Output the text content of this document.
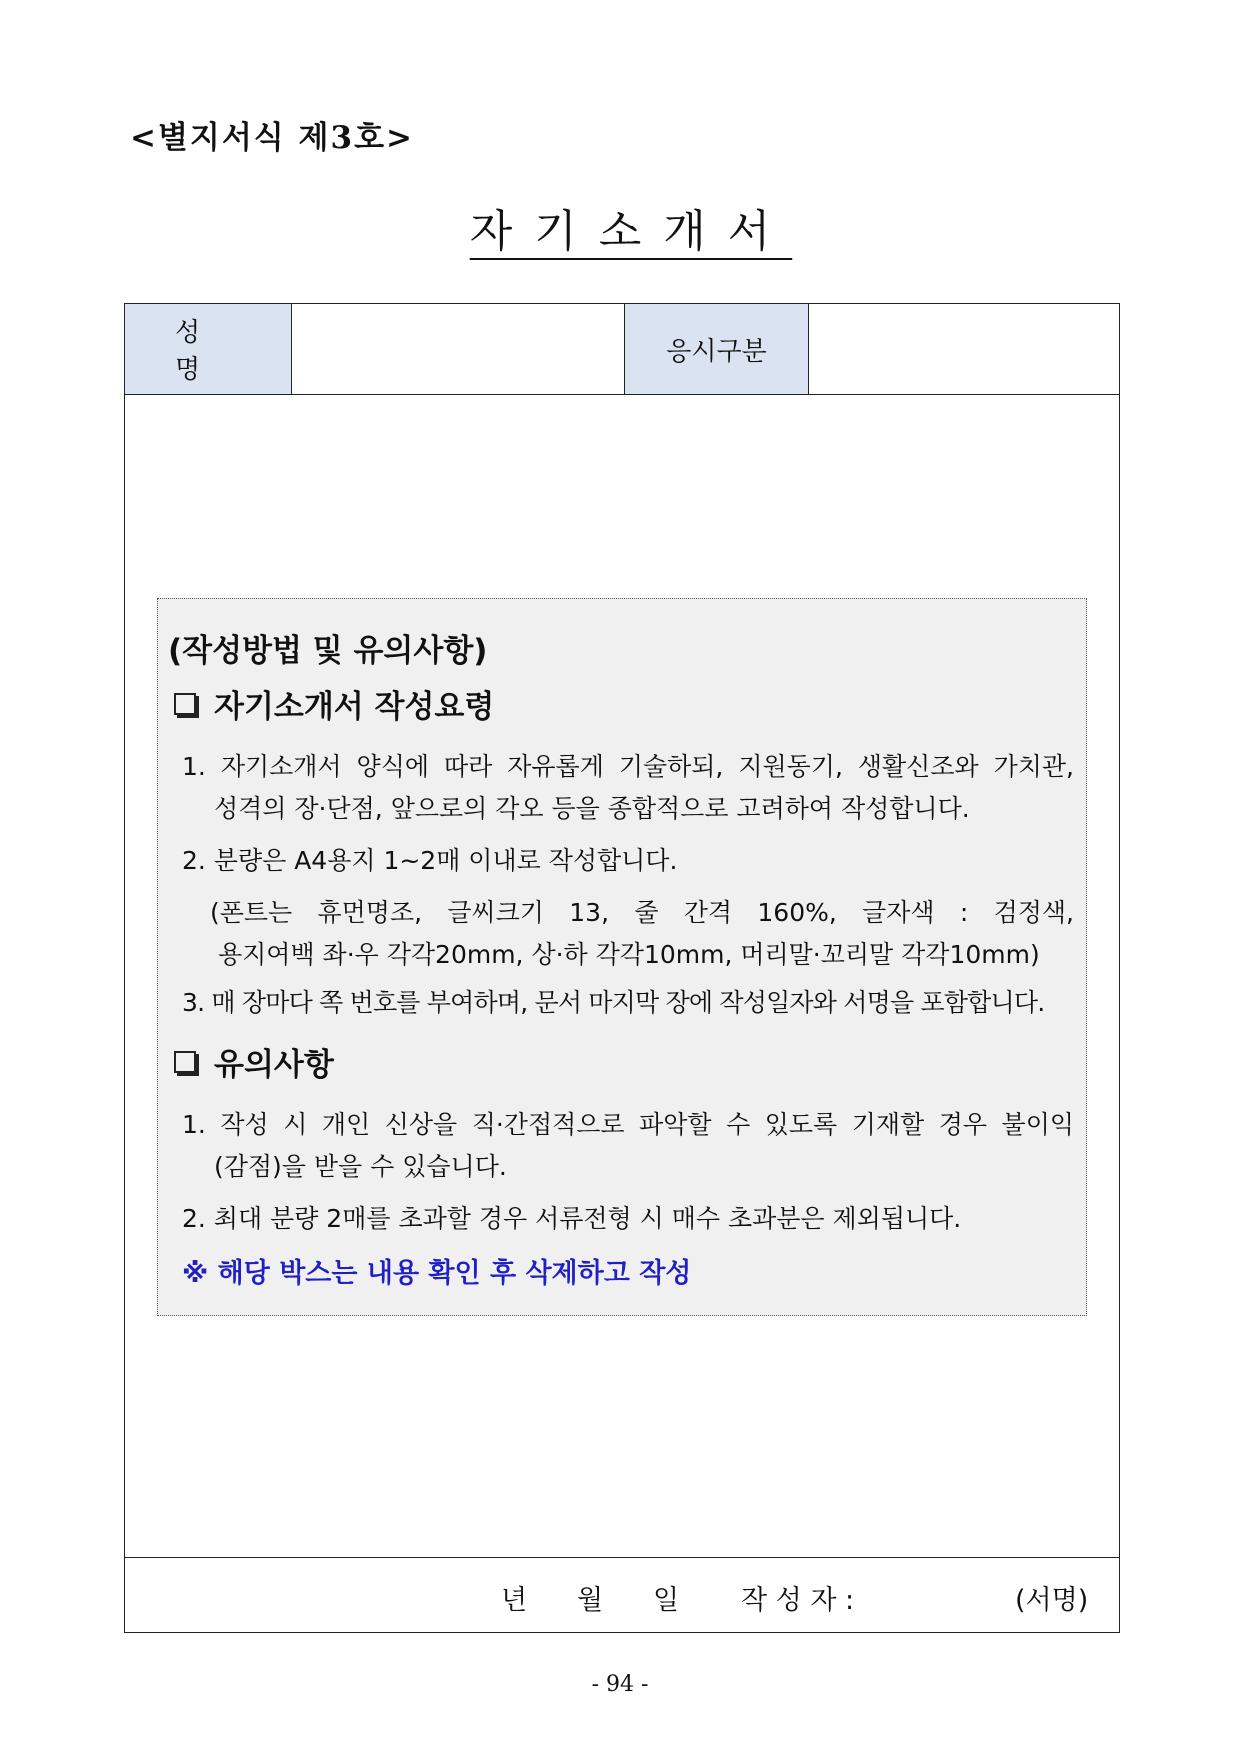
<별지서식 제3호>
자기소개서
성명
응시구분
(작성방법 및 유의사항)
자기소개서 작성요령
1. 자기소개서 양식에 따라 자유롭게 기술하되, 지원동기, 생활신조와 가치관,
성격의 장·단점, 앞으로의 각오 등을 종합적으로 고려하여 작성합니다.
2. 분량은 A4용지 1~2매 이내로 작성합니다.
(폰트는 휴먼명조, 글씨크기 13, 줄 간격 160%, 글자색 : 검정색,
용지여백 좌·우 각각20mm, 상·하 각각10mm, 머리말·꼬리말 각각10mm)
3. 매 장마다 쪽 번호를 부여하며, 문서 마지막 장에 작성일자와 서명을 포함합니다.
유의사항
1. 작성 시 개인 신상을 직·간접적으로 파악할 수 있도록 기재할 경우 불이익
(감점)을 받을 수 있습니다.
2. 최대 분량 2매를 초과할 경우 서류전형 시 매수 초과분은 제외됩니다.
※ 해당 박스는 내용 확인 후 삭제하고 작성
년 월 일 작 성 자 :	(서명)
- 94 -
